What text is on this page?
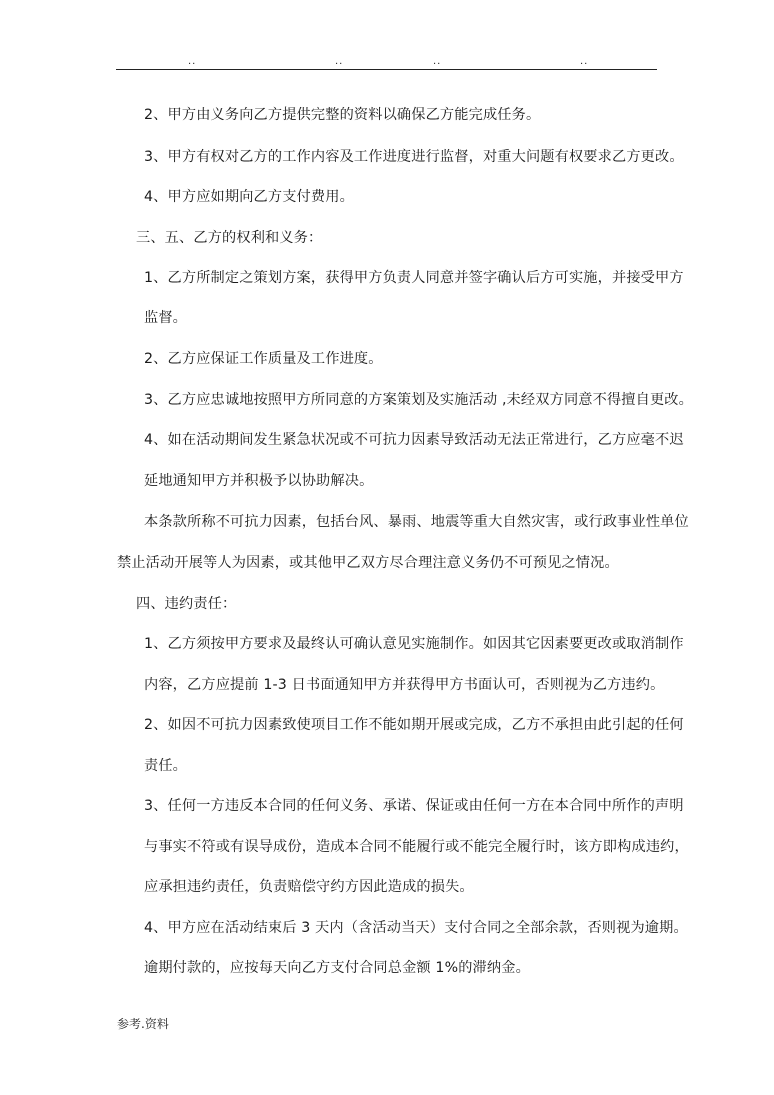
..	..	..	..
2、甲方由义务向乙方提供完整的资料以确保乙方能完成任务。
3、甲方有权对乙方的工作内容及工作进度进行监督，对重大问题有权要求乙方更改。
4、甲方应如期向乙方支付费用。
三、五、乙方的权利和义务：
1、乙方所制定之策划方案，获得甲方负责人同意并签字确认后方可实施，并接受甲方
监督。
2、乙方应保证工作质量及工作进度。
3、乙方应忠诚地按照甲方所同意的方案策划及实施活动 ,未经双方同意不得擅自更改。
4、如在活动期间发生紧急状况或不可抗力因素导致活动无法正常进行，乙方应毫不迟
延地通知甲方并积极予以协助解决。
本条款所称不可抗力因素，包括台风、暴雨、地震等重大自然灾害，或行政事业性单位
禁止活动开展等人为因素，或其他甲乙双方尽合理注意义务仍不可预见之情况。
四、违约责任：
1、乙方须按甲方要求及最终认可确认意见实施制作。如因其它因素要更改或取消制作
内容，乙方应提前 1-3 日书面通知甲方并获得甲方书面认可，否则视为乙方违约。
2、如因不可抗力因素致使项目工作不能如期开展或完成，乙方不承担由此引起的任何
责任。
3、任何一方违反本合同的任何义务、承诺、保证或由任何一方在本合同中所作的声明
与事实不符或有误导成份，造成本合同不能履行或不能完全履行时，该方即构成违约，
应承担违约责任，负责赔偿守约方因此造成的损失。
4、甲方应在活动结束后 3 天内（含活动当天）支付合同之全部余款，否则视为逾期。
逾期付款的，应按每天向乙方支付合同总金额 1%的滞纳金。
参考.资料
